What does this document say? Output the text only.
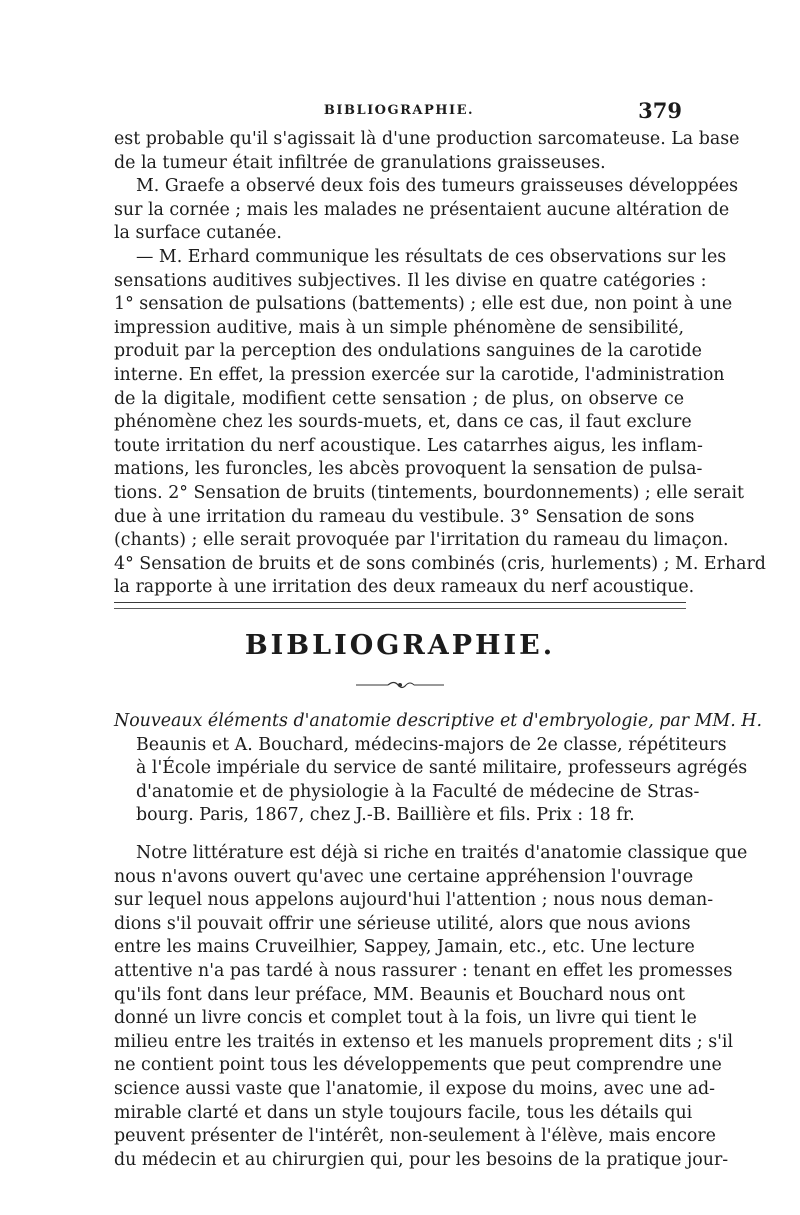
BIBLIOGRAPHIE.	379
est probable qu'il s'agissait là d'une production sarcomateuse. La base
de la tumeur était infiltrée de granulations graisseuses.
M. Graefe a observé deux fois des tumeurs graisseuses développées
sur la cornée ; mais les malades ne présentaient aucune altération de
la surface cutanée.
— M. Erhard communique les résultats de ces observations sur les
sensations auditives subjectives. Il les divise en quatre catégories :
1° sensation de pulsations (battements) ; elle est due, non point à une
impression auditive, mais à un simple phénomène de sensibilité,
produit par la perception des ondulations sanguines de la carotide
interne. En effet, la pression exercée sur la carotide, l'administration
de la digitale, modifient cette sensation ; de plus, on observe ce
phénomène chez les sourds-muets, et, dans ce cas, il faut exclure
toute irritation du nerf acoustique. Les catarrhes aigus, les inflam-
mations, les furoncles, les abcès provoquent la sensation de pulsa-
tions. 2° Sensation de bruits (tintements, bourdonnements) ; elle serait
due à une irritation du rameau du vestibule. 3° Sensation de sons
(chants) ; elle serait provoquée par l'irritation du rameau du limaçon.
4° Sensation de bruits et de sons combinés (cris, hurlements) ; M. Erhard
la rapporte à une irritation des deux rameaux du nerf acoustique.
BIBLIOGRAPHIE.
Nouveaux éléments d'anatomie descriptive et d'embryologie, par MM. H.
Beaunis et A. Bouchard, médecins-majors de 2e classe, répétiteurs
à l'École impériale du service de santé militaire, professeurs agrégés
d'anatomie et de physiologie à la Faculté de médecine de Stras-
bourg. Paris, 1867, chez J.-B. Baillière et fils. Prix : 18 fr.
Notre littérature est déjà si riche en traités d'anatomie classique que
nous n'avons ouvert qu'avec une certaine appréhension l'ouvrage
sur lequel nous appelons aujourd'hui l'attention ; nous nous deman-
dions s'il pouvait offrir une sérieuse utilité, alors que nous avions
entre les mains Cruveilhier, Sappey, Jamain, etc., etc. Une lecture
attentive n'a pas tardé à nous rassurer : tenant en effet les promesses
qu'ils font dans leur préface, MM. Beaunis et Bouchard nous ont
donné un livre concis et complet tout à la fois, un livre qui tient le
milieu entre les traités in extenso et les manuels proprement dits ; s'il
ne contient point tous les développements que peut comprendre une
science aussi vaste que l'anatomie, il expose du moins, avec une ad-
mirable clarté et dans un style toujours facile, tous les détails qui
peuvent présenter de l'intérêt, non-seulement à l'élève, mais encore
du médecin et au chirurgien qui, pour les besoins de la pratique jour-
